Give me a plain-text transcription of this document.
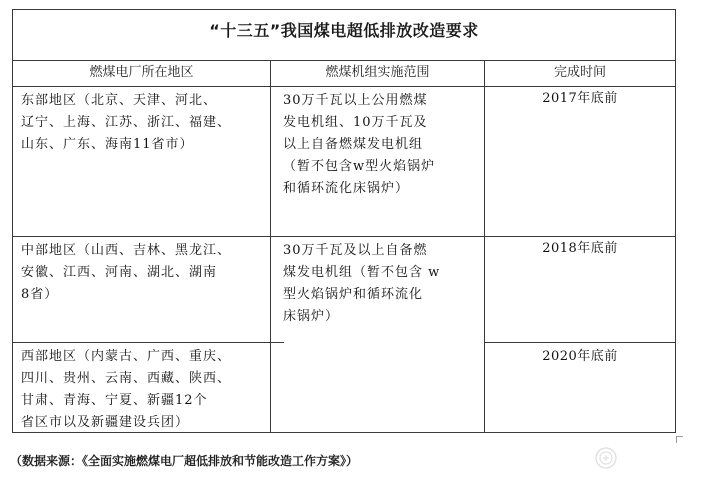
“十三五”我国煤电超低排放改造要求
燃煤电厂所在地区	燃煤机组实施范围	完成时间
东部地区（北京、天津、河北、
辽宁、上海、江苏、浙江、福建、
山东、广东、海南11省市）
30万千瓦以上公用燃煤
发电机组、10万千瓦及
以上自备燃煤发电机组
（暂不包含w型火焰锅炉
和循环流化床锅炉）
2017年底前
中部地区（山西、吉林、黑龙江、
安徽、江西、河南、湖北、湖南
8省）
30万千瓦及以上自备燃
煤发电机组（暂不包含 w
型火焰锅炉和循环流化
床锅炉）
2018年底前
西部地区（内蒙古、广西、重庆、
四川、贵州、云南、西藏、陕西、
甘肃、青海、宁夏、新疆12个
省区市以及新疆建设兵团）
2020年底前
（数据来源：《全面实施燃煤电厂超低排放和节能改造工作方案》）
